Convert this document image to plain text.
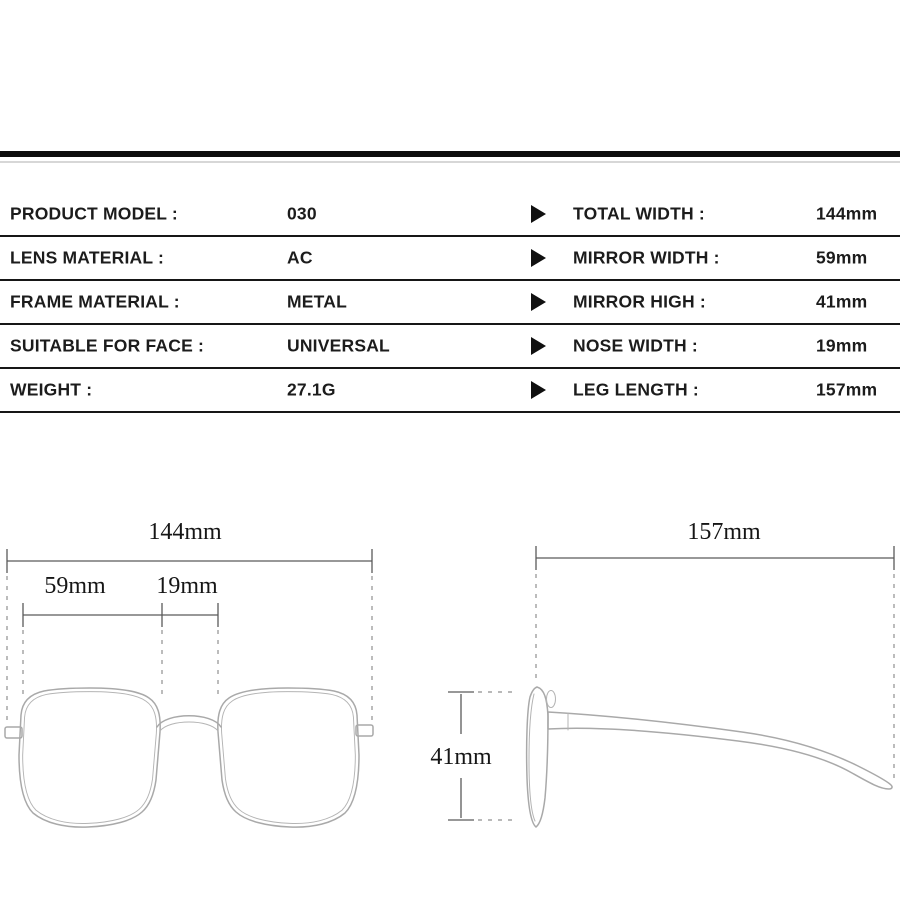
PRODUCT MODEL :	030	TOTAL WIDTH :	144mm
LENS MATERIAL :	AC	MIRROR WIDTH :	59mm
FRAME MATERIAL :	METAL	MIRROR HIGH :	41mm
SUITABLE FOR FACE :	UNIVERSAL	NOSE WIDTH :	19mm
WEIGHT :	27.1G	LEG LENGTH :	157mm
144mm
59mm 19mm
157mm
41mm
